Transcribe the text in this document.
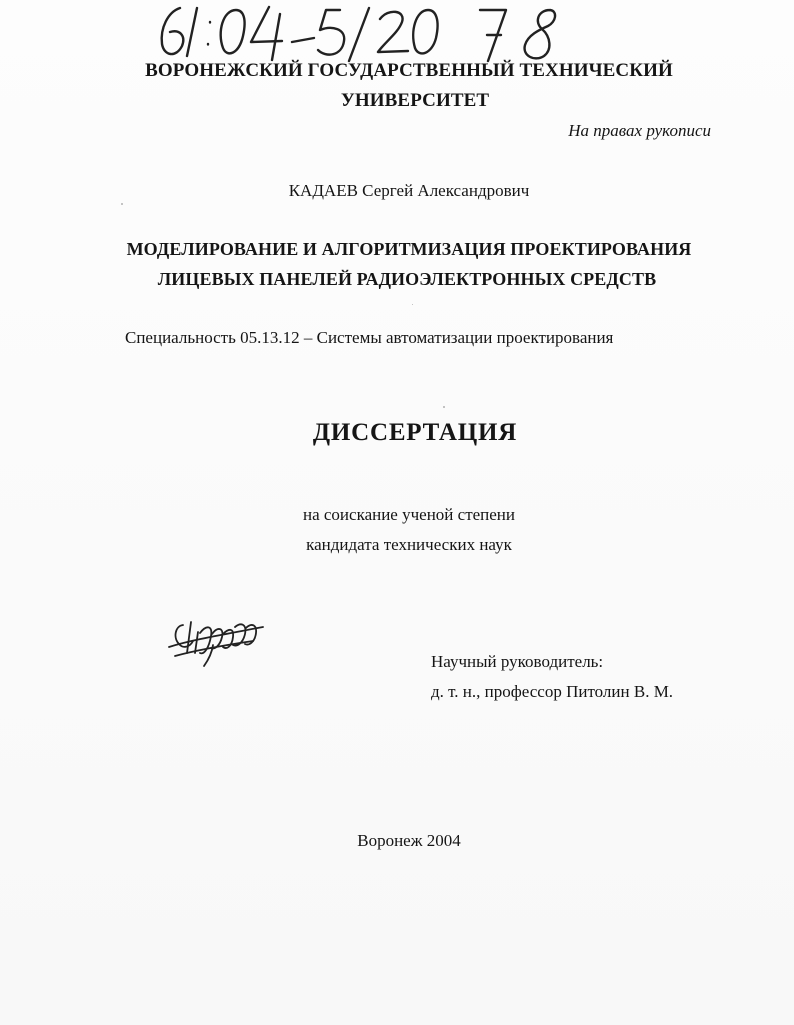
ВОРОНЕЖСКИЙ ГОСУДАРСТВЕННЫЙ ТЕХНИЧЕСКИЙ
УНИВЕРСИТЕТ
На правах рукописи
КАДАЕВ Сергей Александрович
МОДЕЛИРОВАНИЕ И АЛГОРИТМИЗАЦИЯ ПРОЕКТИРОВАНИЯ
ЛИЦЕВЫХ ПАНЕЛЕЙ РАДИОЭЛЕКТРОННЫХ СРЕДСТВ
Специальность 05.13.12 – Системы автоматизации проектирования
ДИССЕРТАЦИЯ
на соискание ученой степени
кандидата технических наук
Научный руководитель:
д. т. н., профессор Питолин В. М.
Воронеж 2004
